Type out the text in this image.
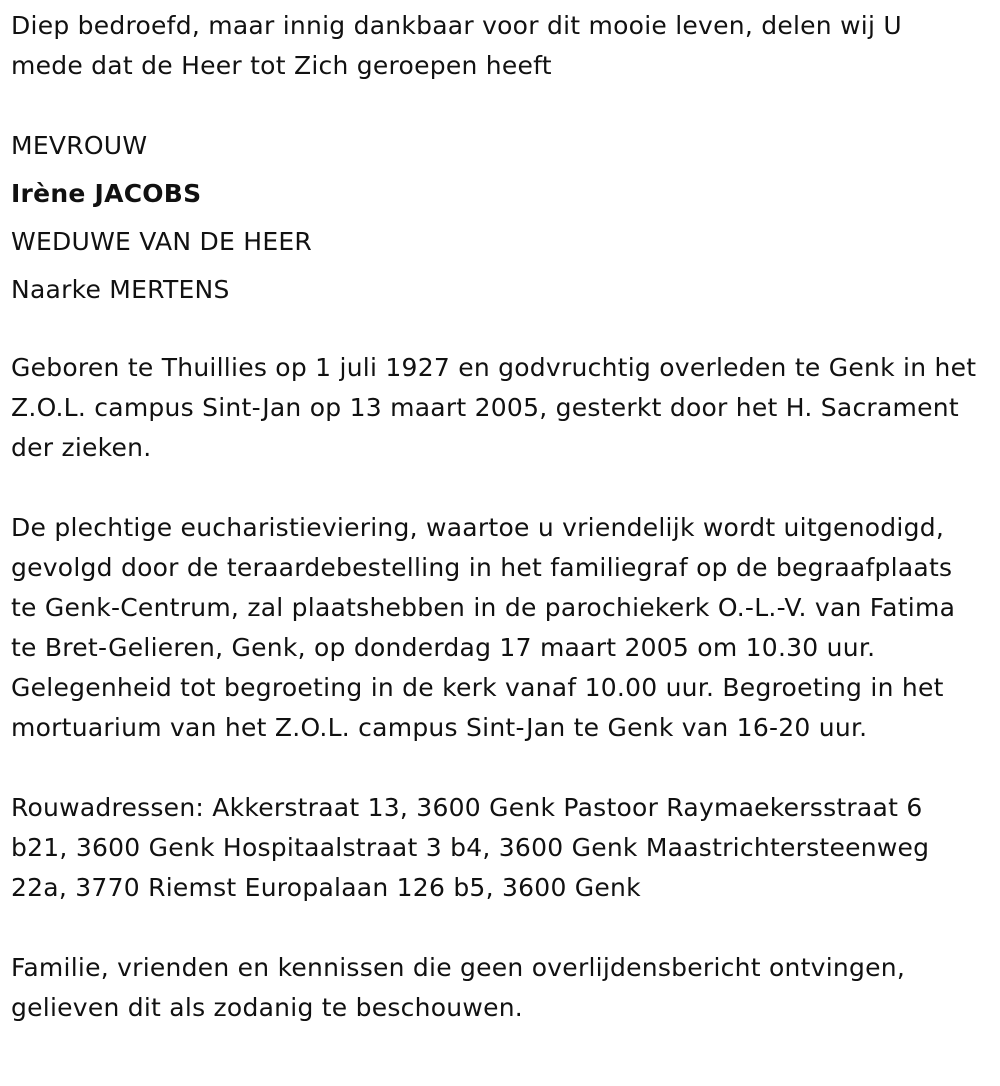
Diep bedroefd, maar innig dankbaar voor dit mooie leven, delen wij U mede dat de Heer tot Zich geroepen heeft

MEVROUW
Irène JACOBS
WEDUWE VAN DE HEER
Naarke MERTENS

Geboren te Thuillies op 1 juli 1927 en godvruchtig overleden te Genk in het Z.O.L. campus Sint-Jan op 13 maart 2005, gesterkt door het H. Sacrament der zieken.

De plechtige eucharistieviering, waartoe u vriendelijk wordt uitgenodigd, gevolgd door de teraardebestelling in het familiegraf op de begraafplaats te Genk-Centrum, zal plaatshebben in de parochiekerk O.-L.-V. van Fatima te Bret-Gelieren, Genk, op donderdag 17 maart 2005 om 10.30 uur. Gelegenheid tot begroeting in de kerk vanaf 10.00 uur. Begroeting in het mortuarium van het Z.O.L. campus Sint-Jan te Genk van 16-20 uur.

Rouwadressen: Akkerstraat 13, 3600 Genk Pastoor Raymaekersstraat 6 b21, 3600 Genk Hospitaalstraat 3 b4, 3600 Genk Maastrichtersteenweg 22a, 3770 Riemst Europalaan 126 b5, 3600 Genk

Familie, vrienden en kennissen die geen overlijdensbericht ontvingen, gelieven dit als zodanig te beschouwen.
